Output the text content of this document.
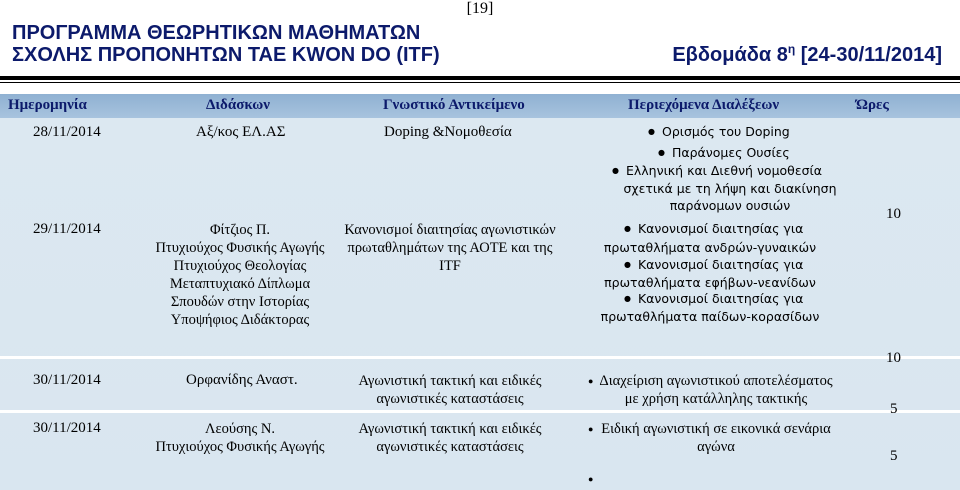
[19]
ΠΡΟΓΡΑΜΜΑ ΘΕΩΡΗΤΙΚΩΝ ΜΑΘΗΜΑΤΩΝ
ΣΧΟΛΗΣ ΠΡΟΠΟΝΗΤΩΝ ΤΑΕ KWON DO (ITF)	Εβδομάδα $8^\eta$ [24-30/11/2014]
Ημερομηνία	Διδάσκων	Γνωστικό Αντικείμενο	Περιεχόμενα Διαλέξεων	Ώρες
28/11/2014	Αξ/κος ΕΛ.ΑΣ	Doping &Νομοθεσία
●	Ορισμός του Doping
● Παράνομες Ουσίες
● Ελληνική και Διεθνή νομοθεσία
σχετικά με τη λήψη και διακίνηση
παράνομων ουσιών
29/11/2014	Φίτζιος Π.
Πτυχιούχος Φυσικής Αγωγής
Πτυχιούχος Θεολογίας
Μεταπτυχιακό Δίπλωμα
Σπουδών στην Ιστορίας
Υποψήφιος Διδάκτορας
Κανονισμοί διαιτησίας αγωνιστικών
πρωταθλημάτων της ΑΟΤΕ και της
ITF
● Κανονισμοί διαιτησίας για
πρωταθλήματα ανδρών-γυναικών
● Κανονισμοί διαιτησίας για
πρωταθλήματα εφήβων-νεανίδων
● Κανονισμοί διαιτησίας για
πρωταθλήματα παίδων-κορασίδων
10
30/11/2014	Ορφανίδης Αναστ.	Αγωνιστική τακτική και ειδικές
αγωνιστικές καταστάσεις
● Διαχείριση αγωνιστικού αποτελέσματος
με χρήση κατάλληλης τακτικής
10
30/11/2014	Λεούσης Ν.
Πτυχιούχος Φυσικής Αγωγής
Αγωνιστική τακτική και ειδικές
αγωνιστικές καταστάσεις
● Ειδική αγωνιστική σε εικονικά σενάρια
αγώνα
5
5
●
